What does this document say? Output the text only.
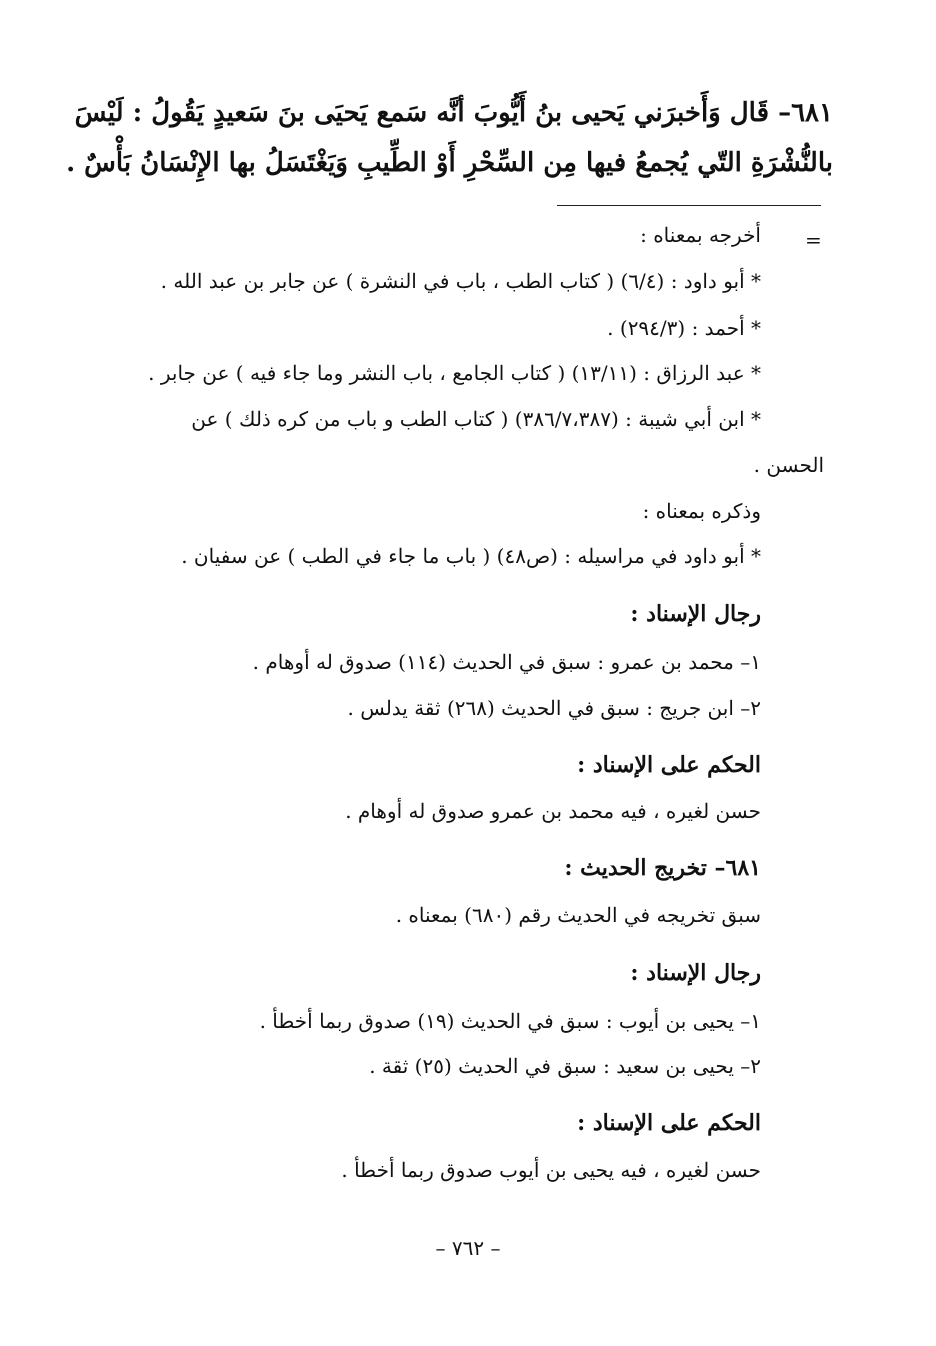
٦٨١– قَال وَأَخبرَني يَحيى بنُ أَيُّوبَ أنَّه سَمع يَحيَى بنَ سَعيدٍ يَقُولُ : لَيْسَ
بالنُّشْرَةِ التّي يُجمعُ فيها مِن السِّحْرِ أَوْ الطِّيبِ وَيَغْتَسَلُ بها الإِنْسَانُ بَأْسٌ .
=
أخرجه بمعناه :
* أبو داود : (٦/٤) ( كتاب الطب ، باب في النشرة ) عن جابر بن عبد الله .
* أحمد : (٢٩٤/٣) .
* عبد الرزاق : (١٣/١١) ( كتاب الجامع ، باب النشر وما جاء فيه ) عن جابر .
* ابن أبي شيبة : (٣٨٦/٧،٣٨٧) ( كتاب الطب و باب من كره ذلك ) عن
الحسن .
وذكره بمعناه :
* أبو داود في مراسيله : (ص٤٨) ( باب ما جاء في الطب ) عن سفيان .
رجال الإسناد :
١– محمد بن عمرو : سبق في الحديث (١١٤) صدوق له أوهام .
٢– ابن جريج : سبق في الحديث (٢٦٨) ثقة يدلس .
الحكم على الإسناد :
حسن لغيره ، فيه محمد بن عمرو صدوق له أوهام .
٦٨١– تخريج الحديث :
سبق تخريجه في الحديث رقم (٦٨٠) بمعناه .
رجال الإسناد :
١– يحيى بن أيوب : سبق في الحديث (١٩) صدوق ربما أخطأ .
٢– يحيى بن سعيد : سبق في الحديث (٢٥) ثقة .
الحكم على الإسناد :
حسن لغيره ، فيه يحيى بن أيوب صدوق ربما أخطأ .
– ٧٦٢ –
